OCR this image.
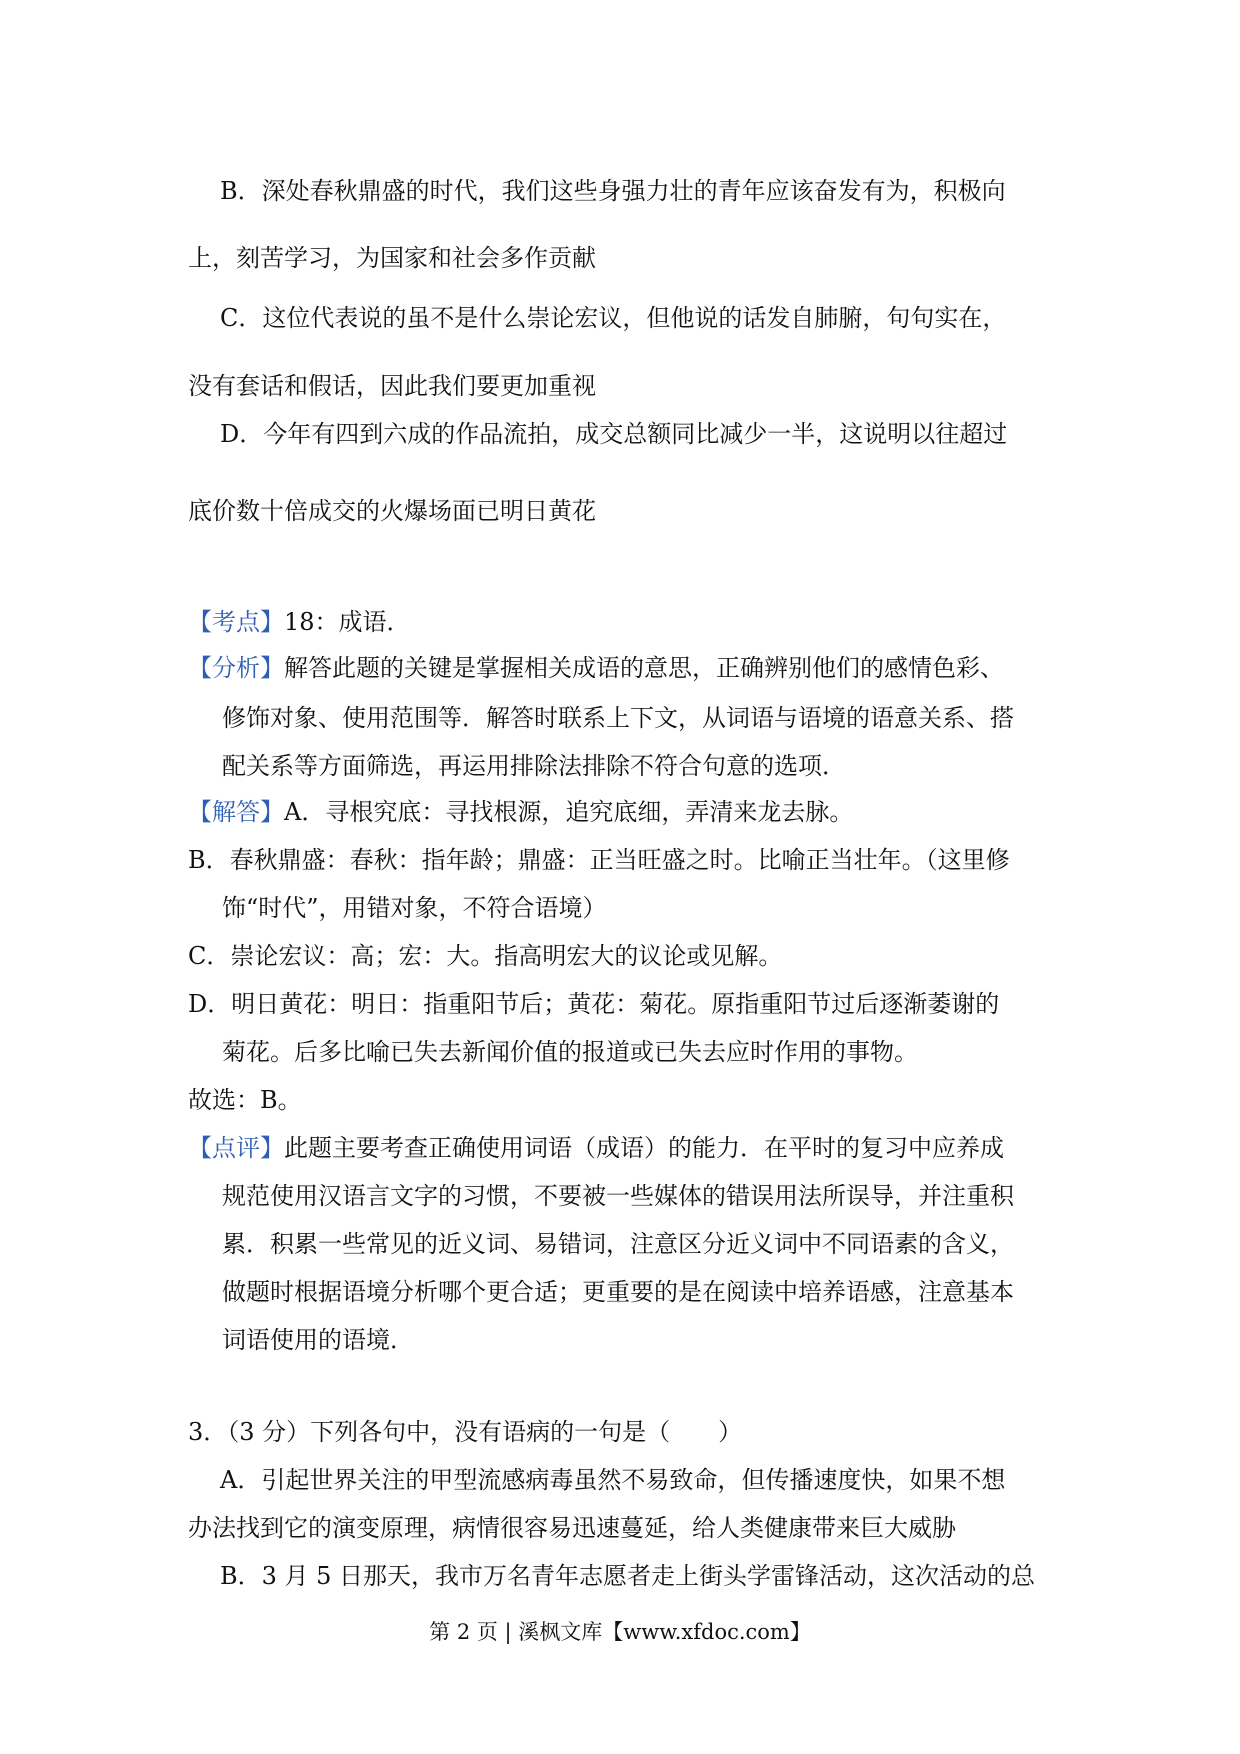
B．深处春秋鼎盛的时代，我们这些身强力壮的青年应该奋发有为，积极向
上，刻苦学习，为国家和社会多作贡献
C．这位代表说的虽不是什么崇论宏议，但他说的话发自肺腑，句句实在，
没有套话和假话，因此我们要更加重视
D．今年有四到六成的作品流拍，成交总额同比减少一半，这说明以往超过
底价数十倍成交的火爆场面已明日黄花
【考点】18：成语．
【分析】解答此题的关键是掌握相关成语的意思，正确辨别他们的感情色彩、
修饰对象、使用范围等．解答时联系上下文，从词语与语境的语意关系、搭
配关系等方面筛选，再运用排除法排除不符合句意的选项．
【解答】A．寻根究底：寻找根源，追究底细，弄清来龙去脉。
B．春秋鼎盛：春秋：指年龄；鼎盛：正当旺盛之时。比喻正当壮年。（这里修
饰“时代”，用错对象，不符合语境）
C．崇论宏议：高；宏：大。指高明宏大的议论或见解。
D．明日黄花：明日：指重阳节后；黄花：菊花。原指重阳节过后逐渐萎谢的
菊花。后多比喻已失去新闻价值的报道或已失去应时作用的事物。
故选：B。
【点评】此题主要考查正确使用词语（成语）的能力．在平时的复习中应养成
规范使用汉语言文字的习惯，不要被一些媒体的错误用法所误导，并注重积
累．积累一些常见的近义词、易错词，注意区分近义词中不同语素的含义，
做题时根据语境分析哪个更合适；更重要的是在阅读中培养语感，注意基本
词语使用的语境．
3．（3 分）下列各句中，没有语病的一句是（　　）
A．引起世界关注的甲型流感病毒虽然不易致命，但传播速度快，如果不想
办法找到它的演变原理，病情很容易迅速蔓延，给人类健康带来巨大威胁
B．3 月 5 日那天，我市万名青年志愿者走上街头学雷锋活动，这次活动的总
第 2 页 | 溪枫文库【www.xfdoc.com】
